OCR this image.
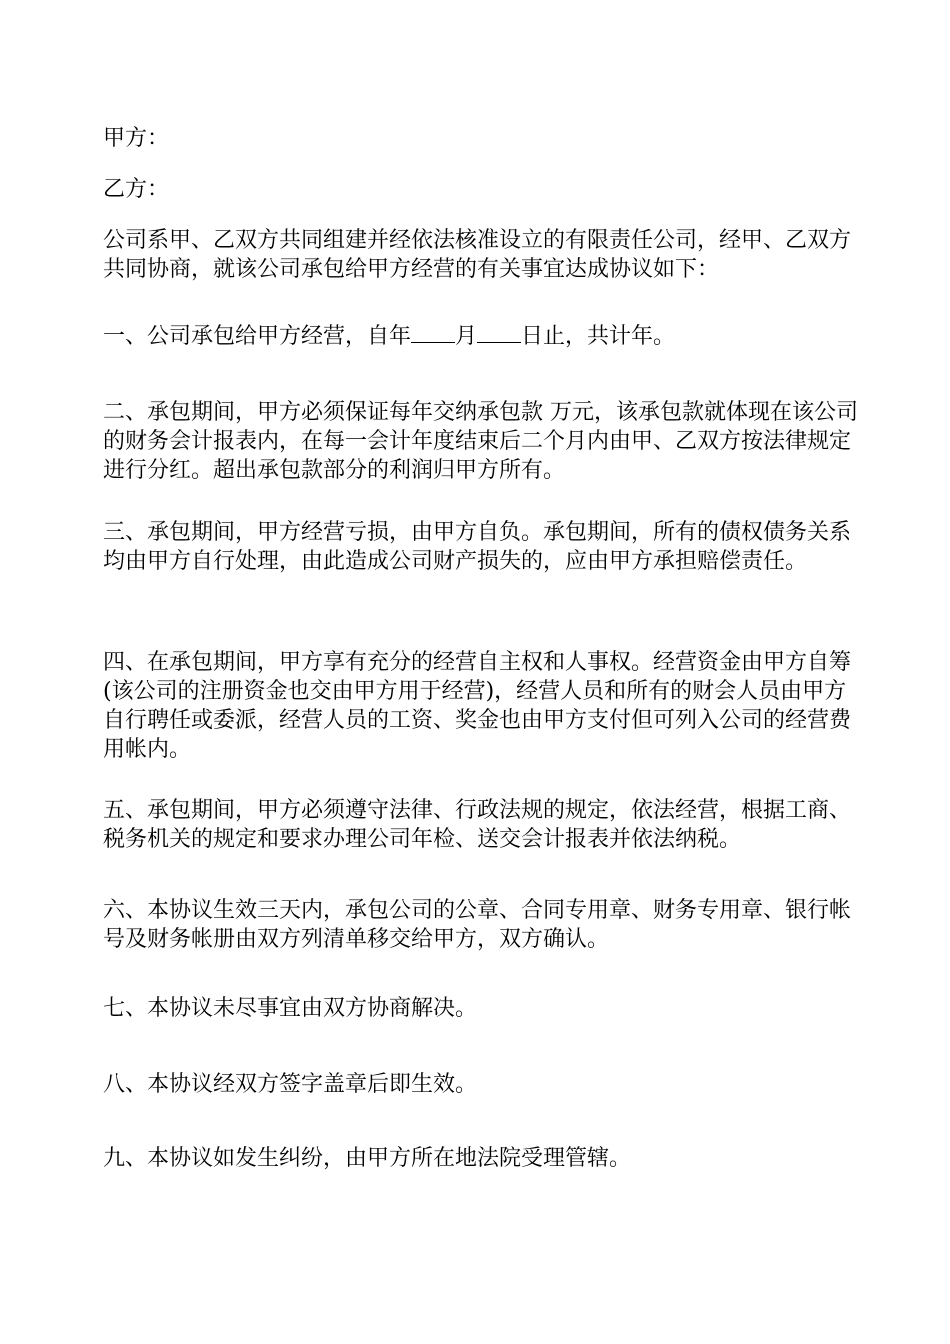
甲方：

乙方：

公司系甲、乙双方共同组建并经依法核准设立的有限责任公司，经甲、乙双方共同协商，就该公司承包给甲方经营的有关事宜达成协议如下：

一、公司承包给甲方经营，自年 月 日止，共计年。

二、承包期间，甲方必须保证每年交纳承包款 万元，该承包款就体现在该公司的财务会计报表内，在每一会计年度结束后二个月内由甲、乙双方按法律规定进行分红。超出承包款部分的利润归甲方所有。

三、承包期间，甲方经营亏损，由甲方自负。承包期间，所有的债权债务关系均由甲方自行处理，由此造成公司财产损失的，应由甲方承担赔偿责任。

四、在承包期间，甲方享有充分的经营自主权和人事权。经营资金由甲方自筹(该公司的注册资金也交由甲方用于经营)，经营人员和所有的财会人员由甲方自行聘任或委派，经营人员的工资、奖金也由甲方支付但可列入公司的经营费用帐内。

五、承包期间，甲方必须遵守法律、行政法规的规定，依法经营，根据工商、税务机关的规定和要求办理公司年检、送交会计报表并依法纳税。

六、本协议生效三天内，承包公司的公章、合同专用章、财务专用章、银行帐号及财务帐册由双方列清单移交给甲方，双方确认。

七、本协议未尽事宜由双方协商解决。

八、本协议经双方签字盖章后即生效。

九、本协议如发生纠纷，由甲方所在地法院受理管辖。
